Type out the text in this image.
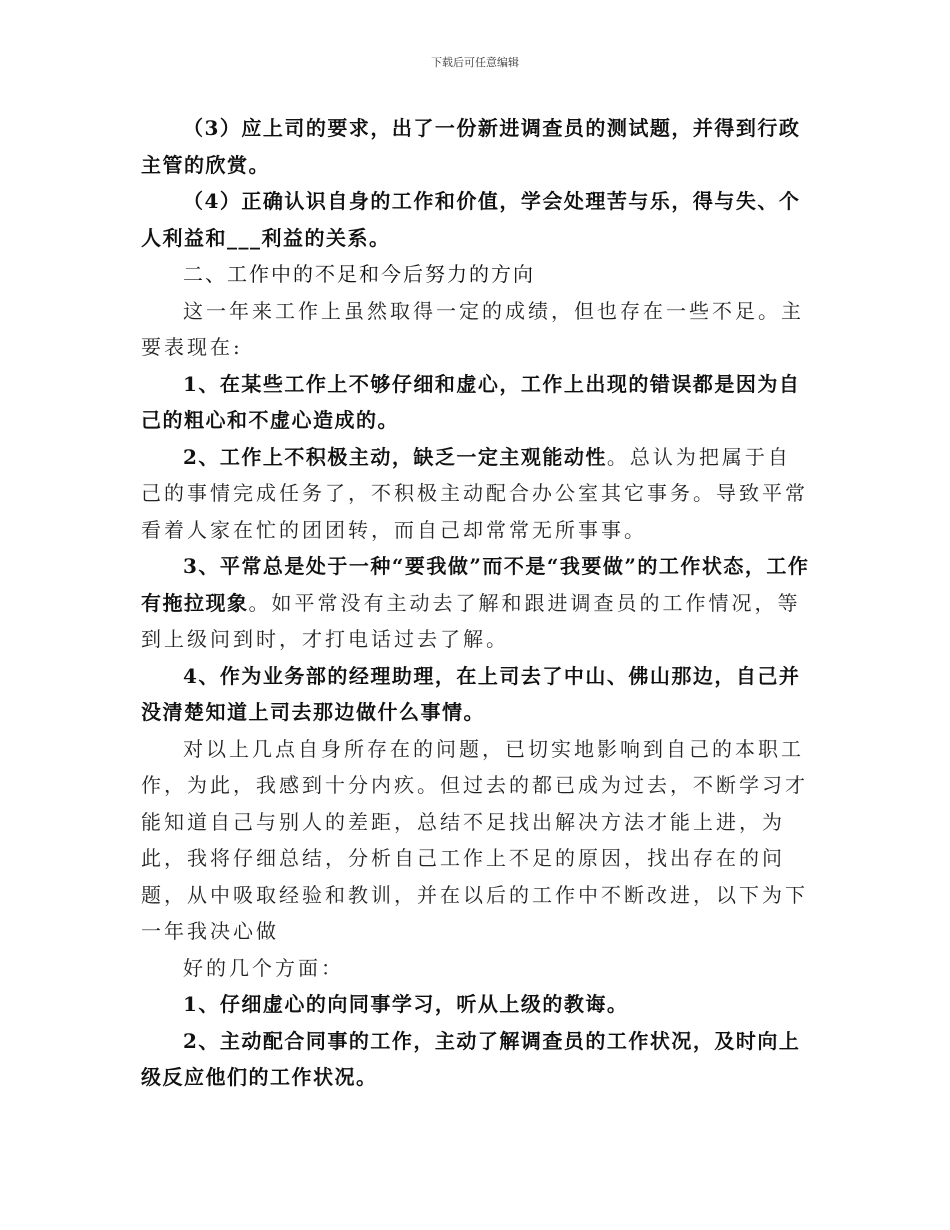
下载后可任意编辑

（3）应上司的要求，出了一份新进调查员的测试题，并得到行政主管的欣赏。

（4）正确认识自身的工作和价值，学会处理苦与乐，得与失、个人利益和___利益的关系。

二、工作中的不足和今后努力的方向

这一年来工作上虽然取得一定的成绩，但也存在一些不足。主要表现在:

1、在某些工作上不够仔细和虚心，工作上出现的错误都是因为自己的粗心和不虚心造成的。

2、工作上不积极主动，缺乏一定主观能动性。总认为把属于自己的事情完成任务了，不积极主动配合办公室其它事务。导致平常看着人家在忙的团团转，而自己却常常无所事事。

3、平常总是处于一种“要我做”而不是“我要做”的工作状态，工作有拖拉现象。如平常没有主动去了解和跟进调查员的工作情况，等到上级问到时，才打电话过去了解。

4、作为业务部的经理助理，在上司去了中山、佛山那边，自己并没清楚知道上司去那边做什么事情。

对以上几点自身所存在的问题，已切实地影响到自己的本职工作，为此，我感到十分内疚。但过去的都已成为过去，不断学习才能知道自己与别人的差距，总结不足找出解决方法才能上进，为此，我将仔细总结，分析自己工作上不足的原因，找出存在的问题，从中吸取经验和教训，并在以后的工作中不断改进，以下为下一年我决心做

好的几个方面：

1、仔细虚心的向同事学习，听从上级的教诲。

2、主动配合同事的工作，主动了解调查员的工作状况，及时向上级反应他们的工作状况。
